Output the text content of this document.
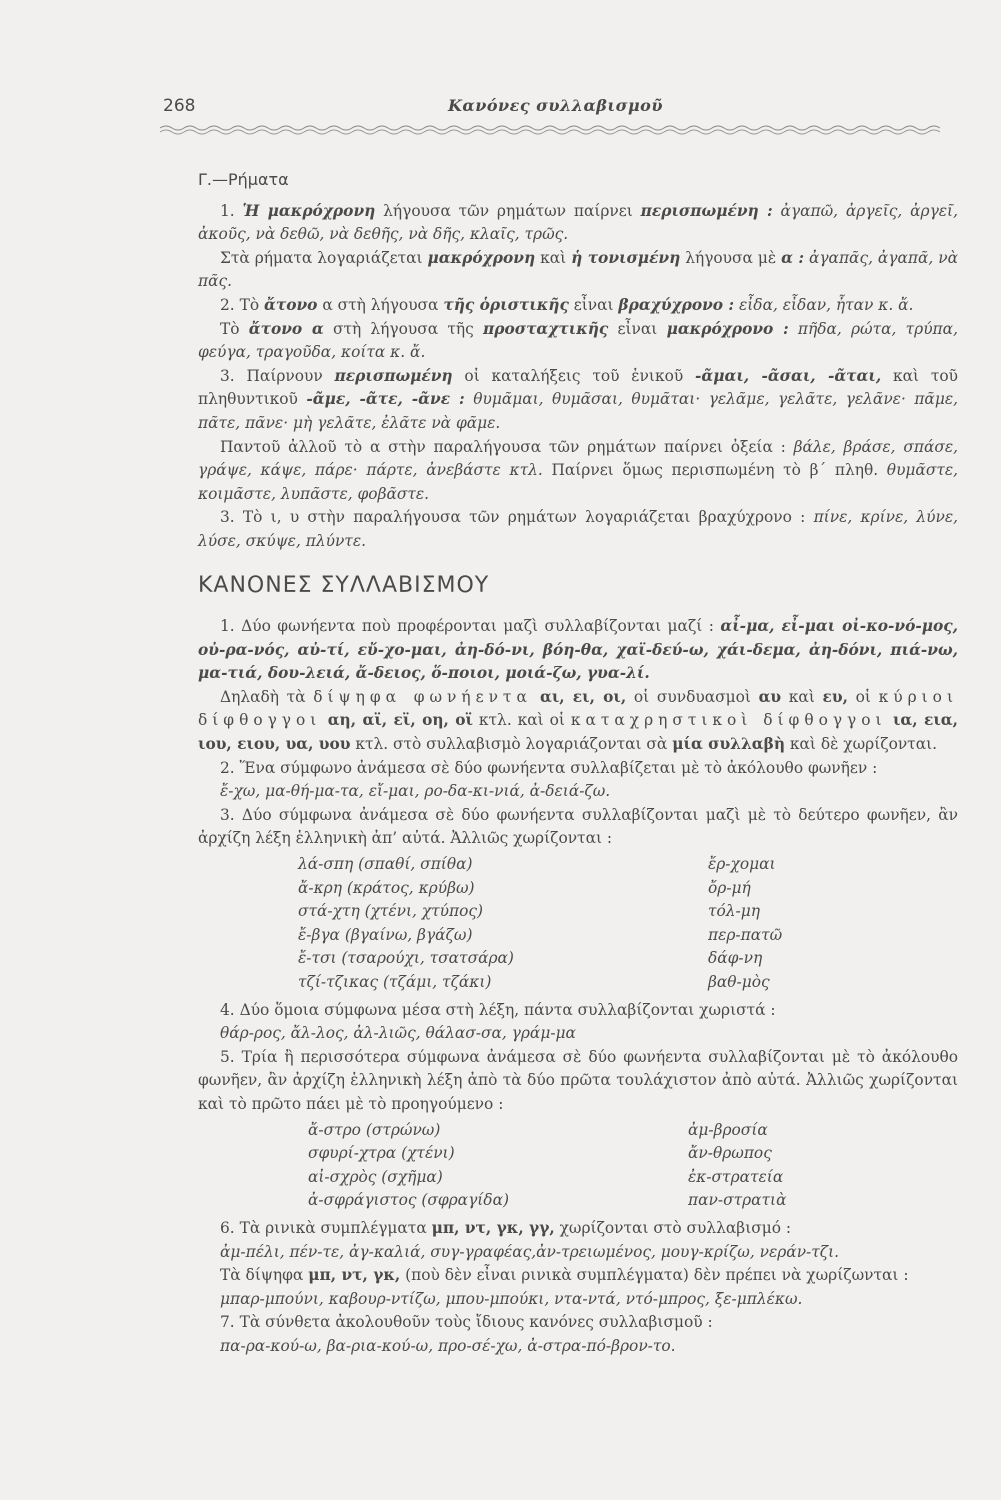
268	Κανόνες συλλαβισμοῦ

Γ.—Ρήματα

1. Ἡ μακρόχρονη λήγουσα τῶν ρημάτων παίρνει περισπωμένη : ἀγαπῶ, ἀργεῖς, ἀργεῖ, ἀκοῦς, νὰ δεθῶ, νὰ δεθῆς, νὰ δῆς, κλαῖς, τρῶς.

Στὰ ρήματα λογαριάζεται μακρόχρονη καὶ ἡ τονισμένη λήγουσα μὲ α : ἀγαπᾶς, ἀγαπᾶ, νὰ πᾶς.

2. Τὸ ἄτονο α στὴ λήγουσα τῆς ὁριστικῆς εἶναι βραχύχρονο : εἶδα, εἶδαν, ἦταν κ. ἄ.

Τὸ ἄτονο α στὴ λήγουσα τῆς προσταχτικῆς εἶναι μακρόχρονο : πῆδα, ρώτα, τρύπα, φεύγα, τραγοῦδα, κοίτα κ. ἄ.

3. Παίρνουν περισπωμένη οἱ καταλήξεις τοῦ ἑνικοῦ -ᾶμαι, -ᾶσαι, -ᾶται, καὶ τοῦ πληθυντικοῦ -ᾶμε, -ᾶτε, -ᾶνε : θυμᾶμαι, θυμᾶσαι, θυμᾶται· γελᾶμε, γελᾶτε, γελᾶνε· πᾶμε, πᾶτε, πᾶνε· μὴ γελᾶτε, ἐλᾶτε νὰ φᾶμε.

Παντοῦ ἀλλοῦ τὸ α στὴν παραλήγουσα τῶν ρημάτων παίρνει ὀξεία : βάλε, βράσε, σπάσε, γράψε, κάψε, πάρε· πάρτε, ἀνεβάστε κτλ. Παίρνει ὅμως περισπωμένη τὸ β΄ πληθ. θυμᾶστε, κοιμᾶστε, λυπᾶστε, φοβᾶστε.

3. Τὸ ι, υ στὴν παραλήγουσα τῶν ρημάτων λογαριάζεται βραχύχρονο : πίνε, κρίνε, λύνε, λύσε, σκύψε, πλύντε.

ΚΑΝΟΝΕΣ ΣΥΛΛΑΒΙΣΜΟΥ

1. Δύο φωνήεντα ποὺ προφέρονται μαζὶ συλλαβίζονται μαζί : αἶ-μα, εἶ-μαι οἰ-κο-νό-μος, οὐ-ρα-νός, αὐ-τί, εὔ-χο-μαι, ἀη-δό-νι, βόη-θα, χαϊ-δεύ-ω, χάι-δεμα, ἀη-δόνι, πιά-νω, μα-τιά, δου-λειά, ἄ-δειος, ὅ-ποιοι, μοιά-ζω, γυα-λί.

Δηλαδὴ τὰ δίψηφα φωνήεντα αι, ει, οι, οἱ συνδυασμοὶ αυ καὶ ευ, οἱ κύριοι δίφθογγοι αη, αϊ, εϊ, οη, οϊ κτλ. καὶ οἱ καταχρηστικοὶ δίφθογγοι ια, εια, ιου, ειου, υα, υου κτλ. στὸ συλλαβισμὸ λογαριάζονται σὰ μία συλλαβὴ καὶ δὲ χωρίζονται.

2. Ἕνα σύμφωνο ἀνάμεσα σὲ δύο φωνήεντα συλλαβίζεται μὲ τὸ ἀκόλουθο φωνῆεν :

ἔ-χω, μα-θή-μα-τα, εἴ-μαι, ρο-δα-κι-νιά, ἀ-δειά-ζω.

3. Δύο σύμφωνα ἀνάμεσα σὲ δύο φωνήεντα συλλαβίζονται μαζὶ μὲ τὸ δεύτερο φωνῆεν, ἂν ἀρχίζη λέξη ἑλληνικὴ ἀπ’ αὐτά. Ἀλλιῶς χωρίζονται :

λά-σπη (σπαθί, σπίθα)	ἔρ-χομαι
ἄ-κρη (κράτος, κρύβω)	ὄρ-μή
στά-χτη (χτένι, χτύπος)	τόλ-μη
ἔ-βγα (βγαίνω, βγάζω)	περ-πατῶ
ἔ-τσι (τσαρούχι, τσατσάρα)	δάφ-νη
τζί-τζικας (τζάμι, τζάκι)	βαθ-μὸς

4. Δύο ὅμοια σύμφωνα μέσα στὴ λέξη, πάντα συλλαβίζονται χωριστά :

θάρ-ρος, ἄλ-λος, ἀλ-λιῶς, θάλασ-σα, γράμ-μα

5. Τρία ἢ περισσότερα σύμφωνα ἀνάμεσα σὲ δύο φωνήεντα συλλαβίζονται μὲ τὸ ἀκόλουθο φωνῆεν, ἂν ἀρχίζη ἑλληνικὴ λέξη ἀπὸ τὰ δύο πρῶτα τουλάχιστον ἀπὸ αὐτά. Ἀλλιῶς χωρίζονται καὶ τὸ πρῶτο πάει μὲ τὸ προηγούμενο :

ἄ-στρο (στρώνω)	ἀμ-βροσία
σφυρί-χτρα (χτένι)	ἄν-θρωπος
αἰ-σχρὸς (σχῆμα)	ἐκ-στρατεία
ἀ-σφράγιστος (σφραγίδα)	παν-στρατιὰ

6. Τὰ ρινικὰ συμπλέγματα μπ, ντ, γκ, γγ, χωρίζονται στὸ συλλαβισμό :

ἀμ-πέλι, πέν-τε, ἀγ-καλιά, συγ-γραφέας,ἀν-τρειωμένος, μουγ-κρίζω, νεράν-τζι.

Τὰ δίψηφα μπ, ντ, γκ, (ποὺ δὲν εἶναι ρινικὰ συμπλέγματα) δὲν πρέπει νὰ χωρίζωνται :

μπαρ-μπούνι, καβουρ-ντίζω, μπου-μπούκι, ντα-ντά, ντό-μπρος, ξε-μπλέκω.

7. Τὰ σύνθετα ἀκολουθοῦν τοὺς ἴδιους κανόνες συλλαβισμοῦ :

πα-ρα-κού-ω, βα-ρια-κού-ω, προ-σέ-χω, ἀ-στρα-πό-βρον-το.
